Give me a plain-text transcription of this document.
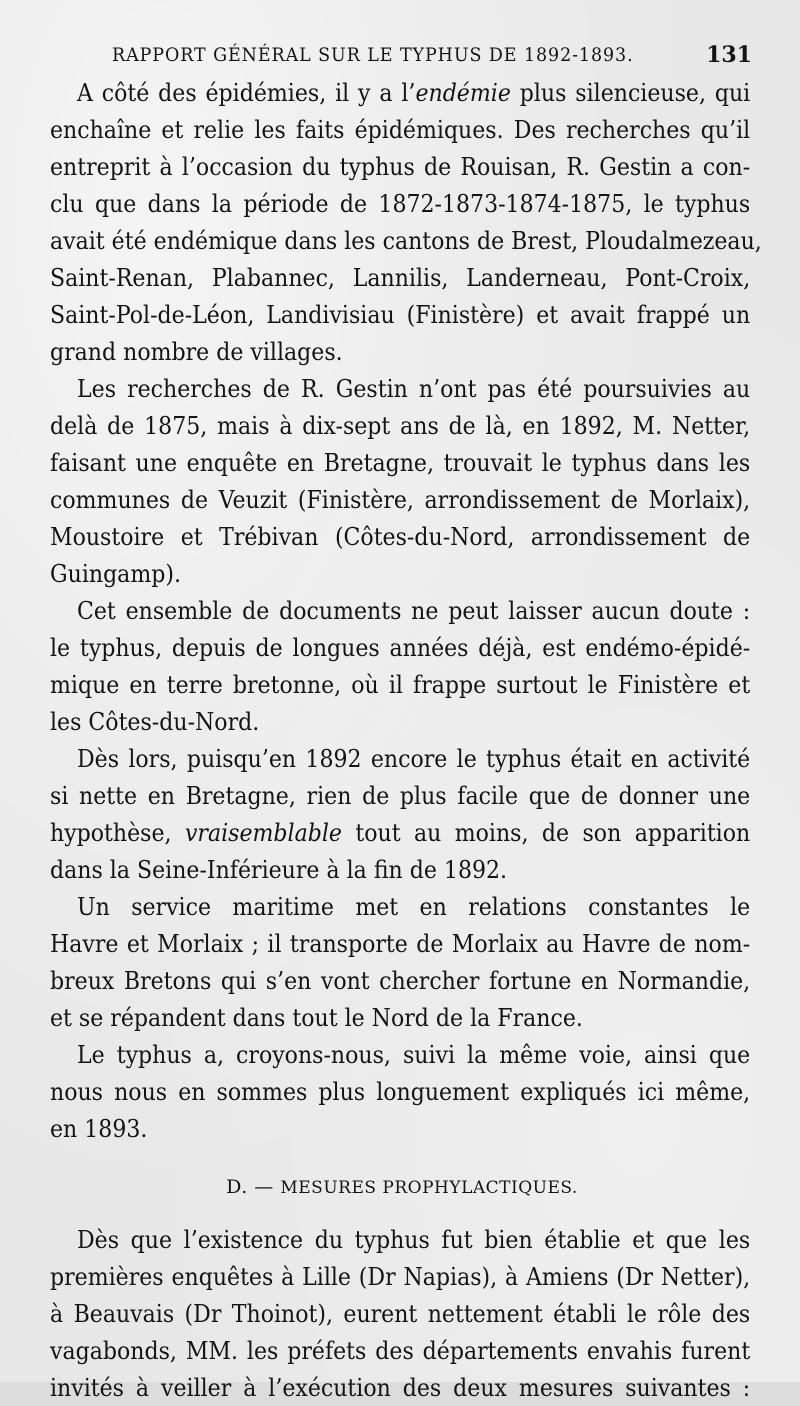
RAPPORT GÉNÉRAL SUR LE TYPHUS DE 1892-1893.	131
A côté des épidémies, il y a l’endémie plus silencieuse, qui
enchaîne et relie les faits épidémiques. Des recherches qu’il
entreprit à l’occasion du typhus de Rouisan, R. Gestin a con-
clu que dans la période de 1872-1873-1874-1875, le typhus
avait été endémique dans les cantons de Brest, Ploudalmezeau,
Saint-Renan, Plabannec, Lannilis, Landerneau, Pont-Croix,
Saint-Pol-de-Léon, Landivisiau (Finistère) et avait frappé un
grand nombre de villages.
Les recherches de R. Gestin n’ont pas été poursuivies au
delà de 1875, mais à dix-sept ans de là, en 1892, M. Netter,
faisant une enquête en Bretagne, trouvait le typhus dans les
communes de Veuzit (Finistère, arrondissement de Morlaix),
Moustoire et Trébivan (Côtes-du-Nord, arrondissement de
Guingamp).
Cet ensemble de documents ne peut laisser aucun doute :
le typhus, depuis de longues années déjà, est endémo-épidé-
mique en terre bretonne, où il frappe surtout le Finistère et
les Côtes-du-Nord.
Dès lors, puisqu’en 1892 encore le typhus était en activité
si nette en Bretagne, rien de plus facile que de donner une
hypothèse, vraisemblable tout au moins, de son apparition
dans la Seine-Inférieure à la fin de 1892.
Un service maritime met en relations constantes le
Havre et Morlaix ; il transporte de Morlaix au Havre de nom-
breux Bretons qui s’en vont chercher fortune en Normandie,
et se répandent dans tout le Nord de la France.
Le typhus a, croyons-nous, suivi la même voie, ainsi que
nous nous en sommes plus longuement expliqués ici même,
en 1893.
D. — MESURES PROPHYLACTIQUES.
Dès que l’existence du typhus fut bien établie et que les
premières enquêtes à Lille (Dr Napias), à Amiens (Dr Netter),
à Beauvais (Dr Thoinot), eurent nettement établi le rôle des
vagabonds, MM. les préfets des départements envahis furent
invités à veiller à l’exécution des deux mesures suivantes :
